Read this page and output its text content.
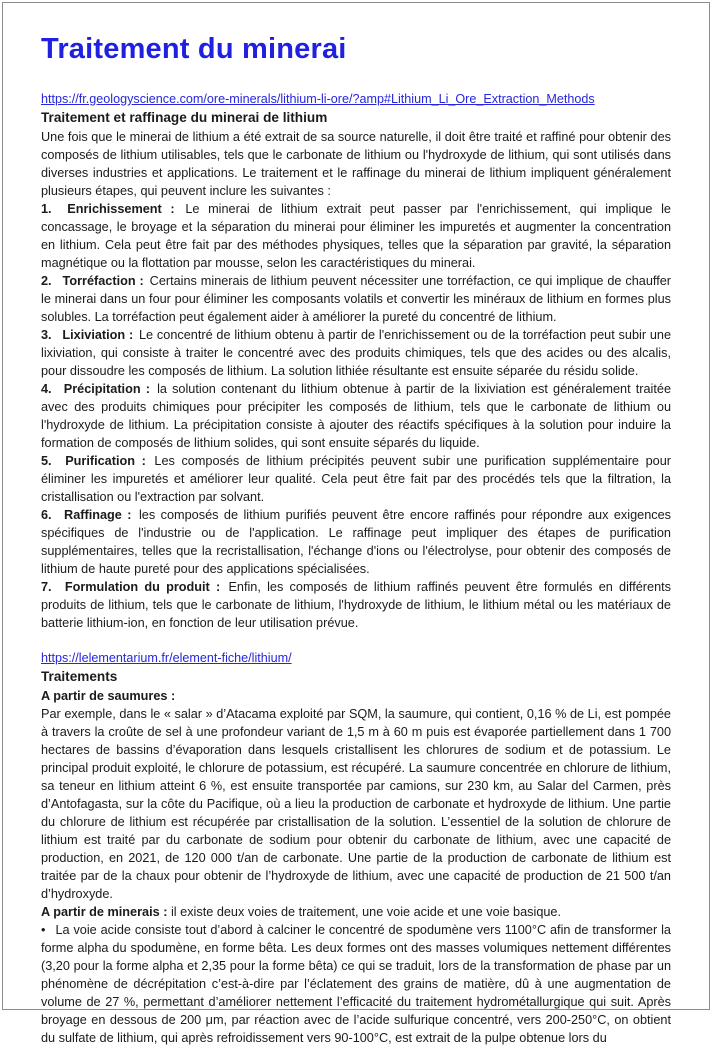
Traitement du minerai
https://fr.geologyscience.com/ore-minerals/lithium-li-ore/?amp#Lithium_Li_Ore_Extraction_Methods
Traitement et raffinage du minerai de lithium

Une fois que le minerai de lithium a été extrait de sa source naturelle, il doit être traité et raffiné pour obtenir des composés de lithium utilisables, tels que le carbonate de lithium ou l'hydroxyde de lithium, qui sont utilisés dans diverses industries et applications. Le traitement et le raffinage du minerai de lithium impliquent généralement plusieurs étapes, qui peuvent inclure les suivantes :

1. Enrichissement : Le minerai de lithium extrait peut passer par l'enrichissement, qui implique le concassage, le broyage et la séparation du minerai pour éliminer les impuretés et augmenter la concentration en lithium. Cela peut être fait par des méthodes physiques, telles que la séparation par gravité, la séparation magnétique ou la flottation par mousse, selon les caractéristiques du minerai.

2. Torréfaction : Certains minerais de lithium peuvent nécessiter une torréfaction, ce qui implique de chauffer le minerai dans un four pour éliminer les composants volatils et convertir les minéraux de lithium en formes plus solubles. La torréfaction peut également aider à améliorer la pureté du concentré de lithium.

3. Lixiviation : Le concentré de lithium obtenu à partir de l'enrichissement ou de la torréfaction peut subir une lixiviation, qui consiste à traiter le concentré avec des produits chimiques, tels que des acides ou des alcalis, pour dissoudre les composés de lithium. La solution lithiée résultante est ensuite séparée du résidu solide.

4. Précipitation : la solution contenant du lithium obtenue à partir de la lixiviation est généralement traitée avec des produits chimiques pour précipiter les composés de lithium, tels que le carbonate de lithium ou l'hydroxyde de lithium. La précipitation consiste à ajouter des réactifs spécifiques à la solution pour induire la formation de composés de lithium solides, qui sont ensuite séparés du liquide.

5. Purification : Les composés de lithium précipités peuvent subir une purification supplémentaire pour éliminer les impuretés et améliorer leur qualité. Cela peut être fait par des procédés tels que la filtration, la cristallisation ou l'extraction par solvant.

6. Raffinage : les composés de lithium purifiés peuvent être encore raffinés pour répondre aux exigences spécifiques de l'industrie ou de l'application. Le raffinage peut impliquer des étapes de purification supplémentaires, telles que la recristallisation, l'échange d'ions ou l'électrolyse, pour obtenir des composés de lithium de haute pureté pour des applications spécialisées.

7. Formulation du produit : Enfin, les composés de lithium raffinés peuvent être formulés en différents produits de lithium, tels que le carbonate de lithium, l'hydroxyde de lithium, le lithium métal ou les matériaux de batterie lithium-ion, en fonction de leur utilisation prévue.

https://lelementarium.fr/element-fiche/lithium/
Traitements

A partir de saumures :
Par exemple, dans le « salar » d’Atacama exploité par SQM, la saumure, qui contient, 0,16 % de Li, est pompée à travers la croûte de sel à une profondeur variant de 1,5 m à 60 m puis est évaporée partiellement dans 1 700 hectares de bassins d’évaporation dans lesquels cristallisent les chlorures de sodium et de potassium. Le principal produit exploité, le chlorure de potassium, est récupéré. La saumure concentrée en chlorure de lithium, sa teneur en lithium atteint 6 %, est ensuite transportée par camions, sur 230 km, au Salar del Carmen, près d’Antofagasta, sur la côte du Pacifique, où a lieu la production de carbonate et hydroxyde de lithium. Une partie du chlorure de lithium est récupérée par cristallisation de la solution. L’essentiel de la solution de chlorure de lithium est traité par du carbonate de sodium pour obtenir du carbonate de lithium, avec une capacité de production, en 2021, de 120 000 t/an de carbonate. Une partie de la production de carbonate de lithium est traitée par de la chaux pour obtenir de l’hydroxyde de lithium, avec une capacité de production de 21 500 t/an d’hydroxyde.

A partir de minerais : il existe deux voies de traitement, une voie acide et une voie basique.

• La voie acide consiste tout d’abord à calciner le concentré de spodumène vers 1100°C afin de transformer la forme alpha du spodumène, en forme bêta. Les deux formes ont des masses volumiques nettement différentes (3,20 pour la forme alpha et 2,35 pour la forme bêta) ce qui se traduit, lors de la transformation de phase par un phénomène de décrépitation c’est-à-dire par l’éclatement des grains de matière, dû à une augmentation de volume de 27 %, permettant d’améliorer nettement l’efficacité du traitement hydrométallurgique qui suit. Après broyage en dessous de 200 μm, par réaction avec de l’acide sulfurique concentré, vers 200-250°C, on obtient du sulfate de lithium, qui après refroidissement vers 90-100°C, est extrait de la pulpe obtenue lors du
